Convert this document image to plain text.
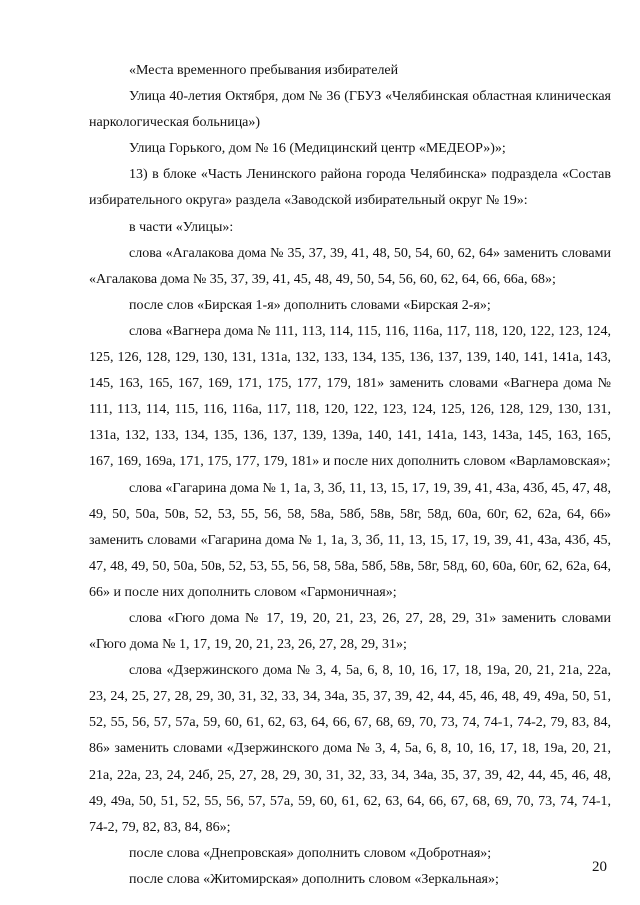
«Места временного пребывания избирателей

Улица 40-летия Октября, дом № 36 (ГБУЗ «Челябинская областная клиническая наркологическая больница»)

Улица Горького, дом № 16 (Медицинский центр «МЕДЕОР»)»;

13) в блоке «Часть Ленинского района города Челябинска» подраздела «Состав избирательного округа» раздела «Заводской избирательный округ № 19»:

в части «Улицы»:

слова «Агалакова дома № 35, 37, 39, 41, 48, 50, 54, 60, 62, 64» заменить словами «Агалакова дома № 35, 37, 39, 41, 45, 48, 49, 50, 54, 56, 60, 62, 64, 66, 66а, 68»;

после слов «Бирская 1-я» дополнить словами «Бирская 2-я»;

слова «Вагнера дома № 111, 113, 114, 115, 116, 116а, 117, 118, 120, 122, 123, 124, 125, 126, 128, 129, 130, 131, 131а, 132, 133, 134, 135, 136, 137, 139, 140, 141, 141а, 143, 145, 163, 165, 167, 169, 171, 175, 177, 179, 181» заменить словами «Вагнера дома № 111, 113, 114, 115, 116, 116а, 117, 118, 120, 122, 123, 124, 125, 126, 128, 129, 130, 131, 131а, 132, 133, 134, 135, 136, 137, 139, 139а, 140, 141, 141а, 143, 143а, 145, 163, 165, 167, 169, 169а, 171, 175, 177, 179, 181» и после них дополнить словом «Варламовская»;

слова «Гагарина дома № 1, 1а, 3, 3б, 11, 13, 15, 17, 19, 39, 41, 43а, 43б, 45, 47, 48, 49, 50, 50а, 50в, 52, 53, 55, 56, 58, 58а, 58б, 58в, 58г, 58д, 60а, 60г, 62, 62а, 64, 66» заменить словами «Гагарина дома № 1, 1а, 3, 3б, 11, 13, 15, 17, 19, 39, 41, 43а, 43б, 45, 47, 48, 49, 50, 50а, 50в, 52, 53, 55, 56, 58, 58а, 58б, 58в, 58г, 58д, 60, 60а, 60г, 62, 62а, 64, 66» и после них дополнить словом «Гармоничная»;

слова «Гюго дома № 17, 19, 20, 21, 23, 26, 27, 28, 29, 31» заменить словами «Гюго дома № 1, 17, 19, 20, 21, 23, 26, 27, 28, 29, 31»;

слова «Дзержинского дома № 3, 4, 5а, 6, 8, 10, 16, 17, 18, 19а, 20, 21, 21а, 22а, 23, 24, 25, 27, 28, 29, 30, 31, 32, 33, 34, 34а, 35, 37, 39, 42, 44, 45, 46, 48, 49, 49а, 50, 51, 52, 55, 56, 57, 57а, 59, 60, 61, 62, 63, 64, 66, 67, 68, 69, 70, 73, 74, 74-1, 74-2, 79, 83, 84, 86» заменить словами «Дзержинского дома № 3, 4, 5а, 6, 8, 10, 16, 17, 18, 19а, 20, 21, 21а, 22а, 23, 24, 24б, 25, 27, 28, 29, 30, 31, 32, 33, 34, 34а, 35, 37, 39, 42, 44, 45, 46, 48, 49, 49а, 50, 51, 52, 55, 56, 57, 57а, 59, 60, 61, 62, 63, 64, 66, 67, 68, 69, 70, 73, 74, 74-1, 74-2, 79, 82, 83, 84, 86»;

после слова «Днепровская» дополнить словом «Добротная»;

после слова «Житомирская» дополнить словом «Зеркальная»;

20
